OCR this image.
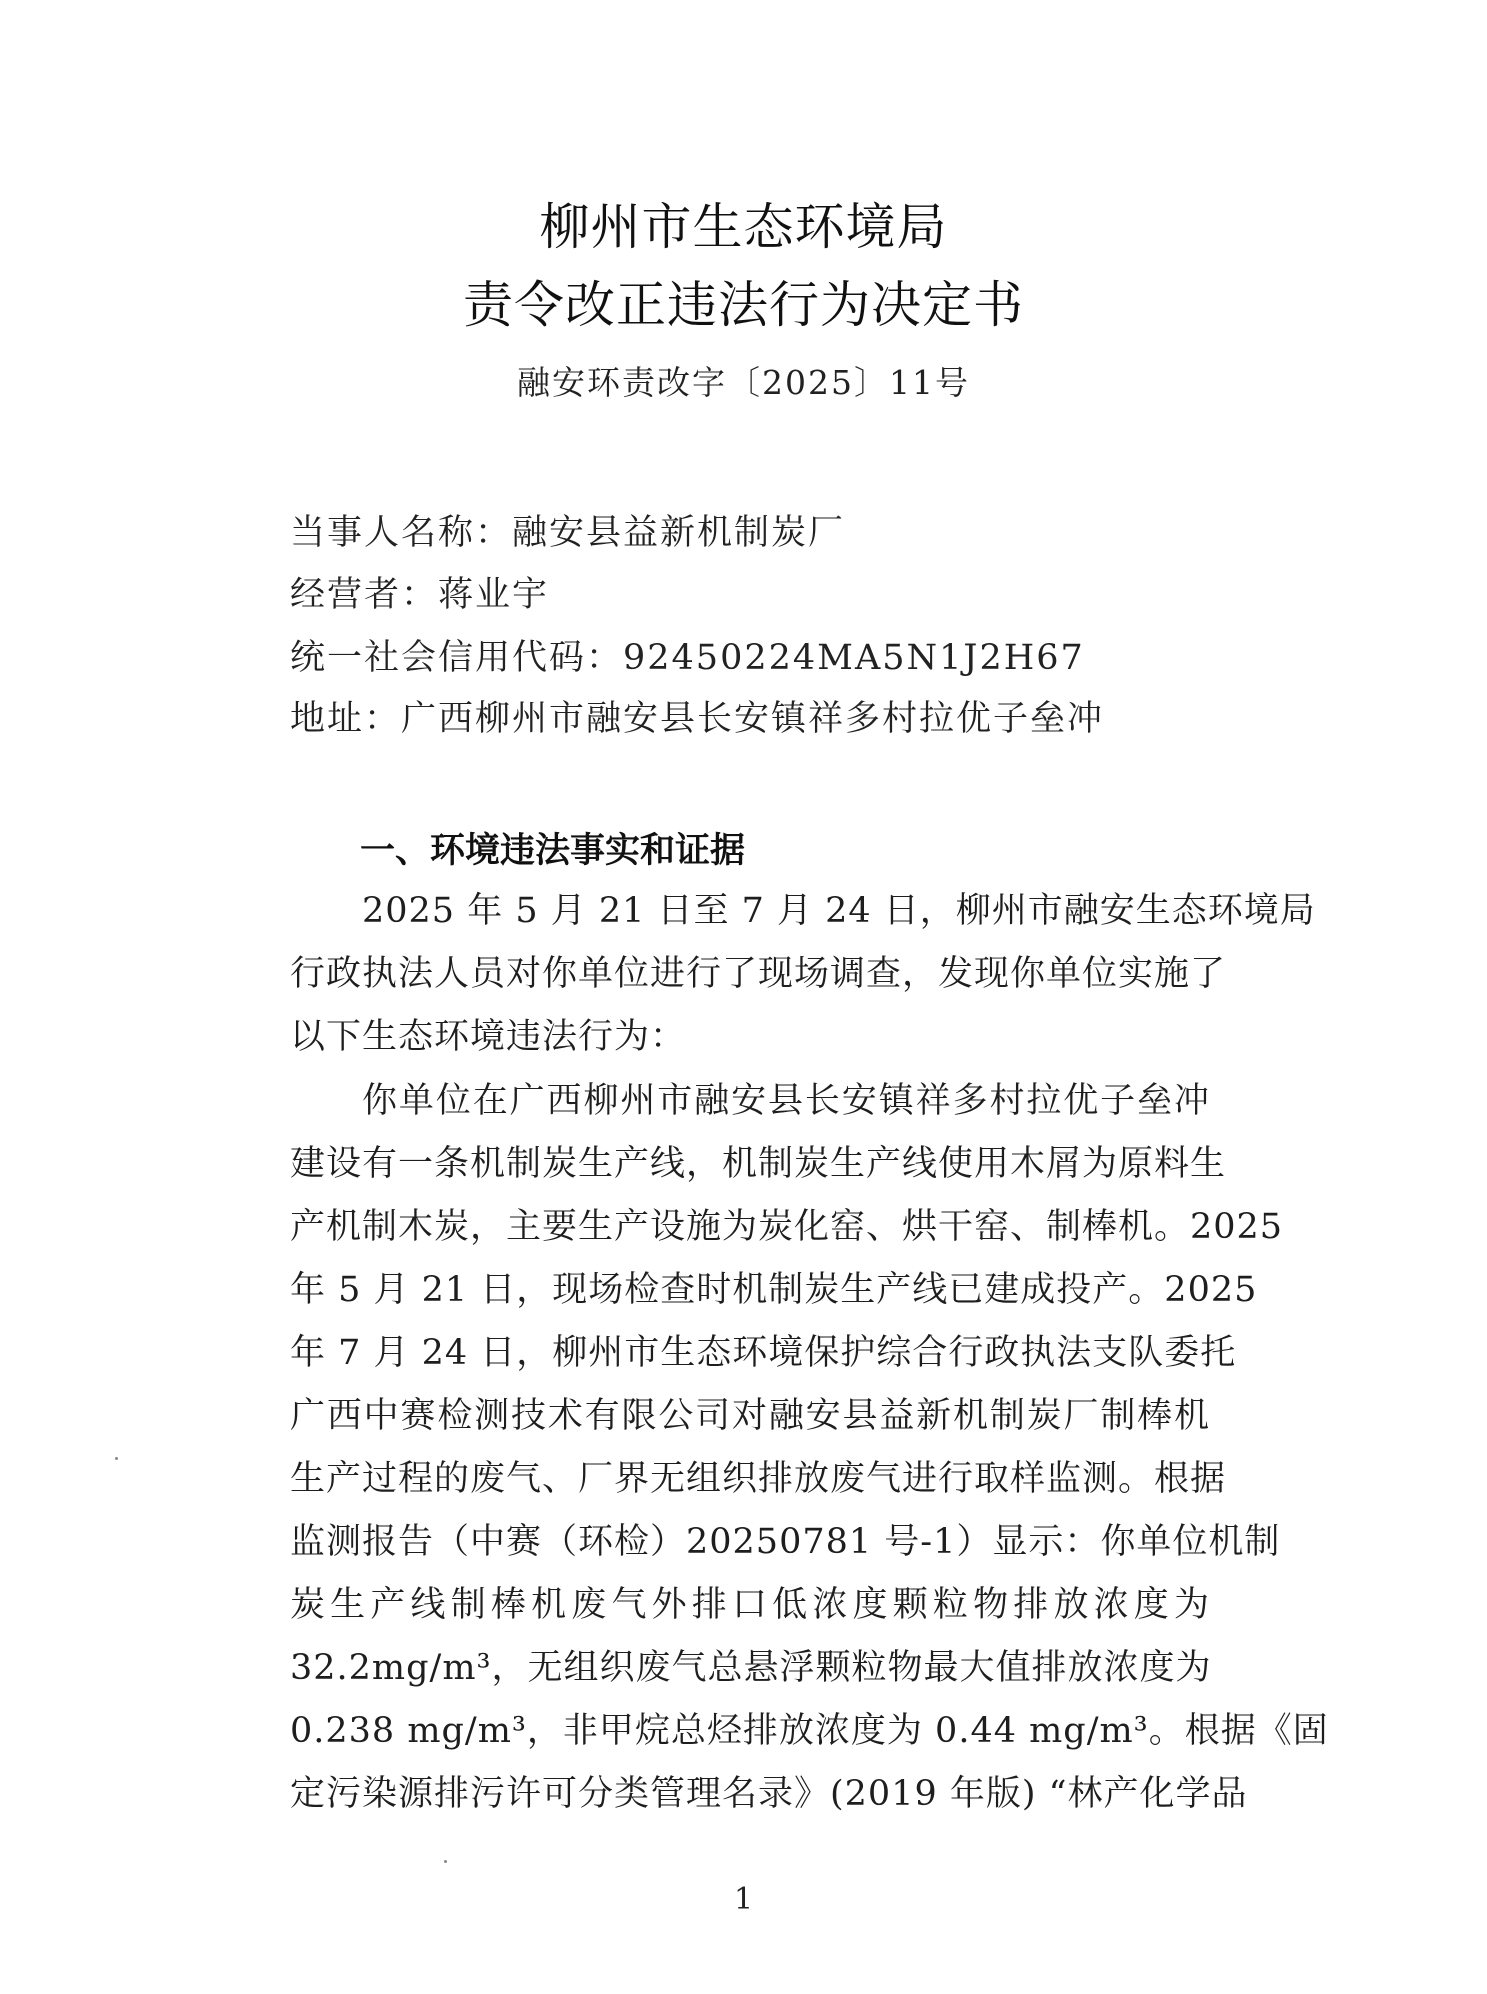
柳州市生态环境局
责令改正违法行为决定书
融安环责改字〔2025〕11号
当事人名称：融安县益新机制炭厂
经营者：蒋业宇
统一社会信用代码：92450224MA5N1J2H67
地址：广西柳州市融安县长安镇祥多村拉优子垒冲
一、环境违法事实和证据
2025 年 5 月 21 日至 7 月 24 日，柳州市融安生态环境局
行政执法人员对你单位进行了现场调查，发现你单位实施了
以下生态环境违法行为：
你单位在广西柳州市融安县长安镇祥多村拉优子垒冲
建设有一条机制炭生产线，机制炭生产线使用木屑为原料生
产机制木炭，主要生产设施为炭化窑、烘干窑、制棒机。2025
年 5 月 21 日，现场检查时机制炭生产线已建成投产。2025
年 7 月 24 日，柳州市生态环境保护综合行政执法支队委托
广西中赛检测技术有限公司对融安县益新机制炭厂制棒机
生产过程的废气、厂界无组织排放废气进行取样监测。根据
监测报告（中赛（环检）20250781 号-1）显示：你单位机制
炭生产线制棒机废气外排口低浓度颗粒物排放浓度为
32.2mg/m³，无组织废气总悬浮颗粒物最大值排放浓度为
0.238 mg/m³，非甲烷总烃排放浓度为 0.44 mg/m³。根据《固
定污染源排污许可分类管理名录》(2019 年版) “林产化学品
1
